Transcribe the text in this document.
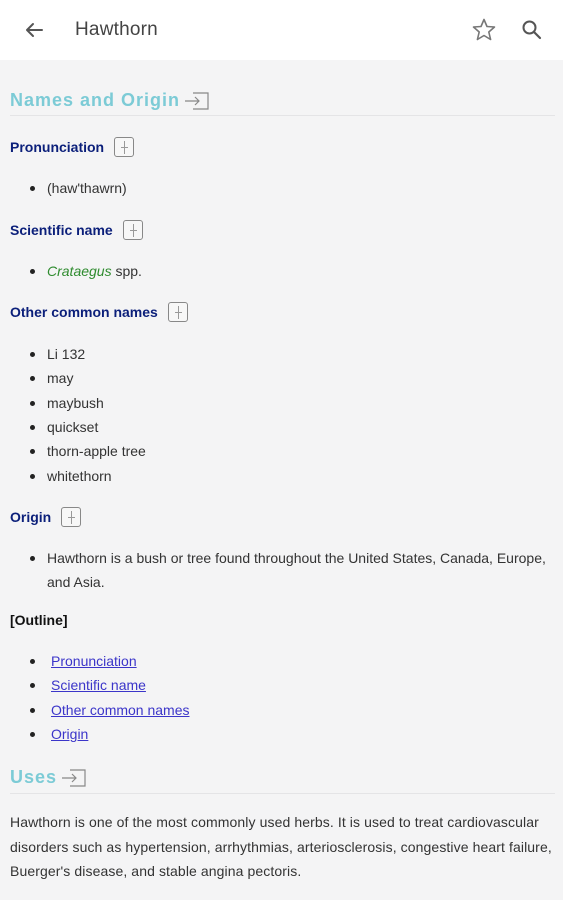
Hawthorn
Names and Origin
Pronunciation
(haw'thawrn)
Scientific name
Crataegus spp.
Other common names
Li 132
may
maybush
quickset
thorn-apple tree
whitethorn
Origin
Hawthorn is a bush or tree found throughout the United States, Canada, Europe, and Asia.
[Outline]
Pronunciation
Scientific name
Other common names
Origin
Uses
Hawthorn is one of the most commonly used herbs. It is used to treat cardiovascular disorders such as hypertension, arrhythmias, arteriosclerosis, congestive heart failure, Buerger's disease, and stable angina pectoris.
